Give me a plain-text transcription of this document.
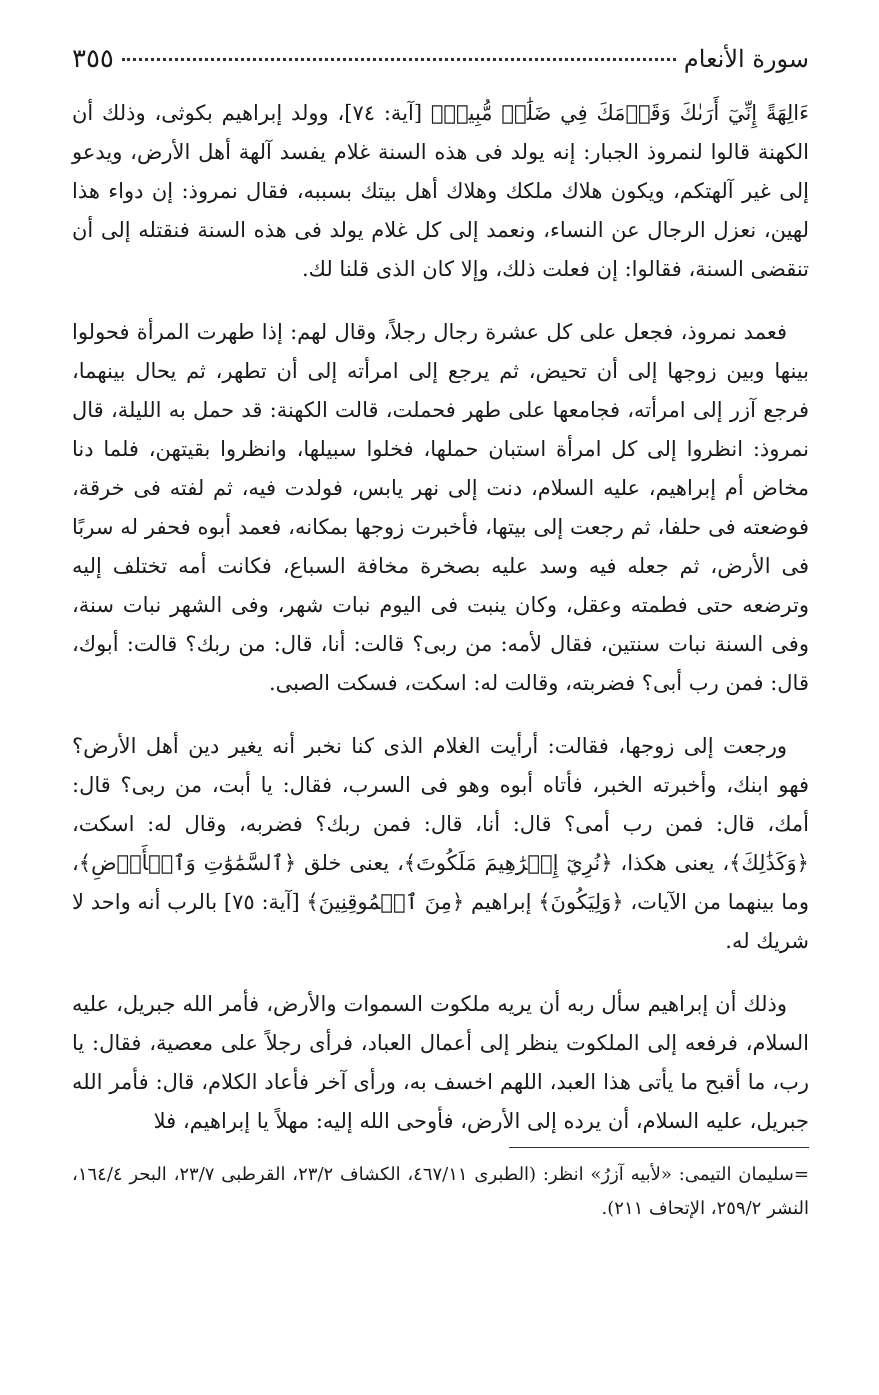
سورة الأنعام
٣٥٥

ءَالِهَةً إِنِّيٓ أَرَىٰكَ وَقَوۡمَكَ فِي ضَلَٰلٖ مُّبِينٖ﴾ [آية: ٧٤]، وولد إبراهيم بكوثى، وذلك أن الكهنة قالوا لنمروذ الجبار: إنه يولد فى هذه السنة غلام يفسد آلهة أهل الأرض، ويدعو إلى غير آلهتكم، ويكون هلاك ملكك وهلاك أهل بيتك بسببه، فقال نمروذ: إن دواء هذا لهين، نعزل الرجال عن النساء، ونعمد إلى كل غلام يولد فى هذه السنة فنقتله إلى أن تنقضى السنة، فقالوا: إن فعلت ذلك، وإلا كان الذى قلنا لك.

فعمد نمروذ، فجعل على كل عشرة رجال رجلاً، وقال لهم: إذا طهرت المرأة فحولوا بينها وبين زوجها إلى أن تحيض، ثم يرجع إلى امرأته إلى أن تطهر، ثم يحال بينهما، فرجع آزر إلى امرأته، فجامعها على طهر فحملت، قالت الكهنة: قد حمل به الليلة، قال نمروذ: انظروا إلى كل امرأة استبان حملها، فخلوا سبيلها، وانظروا بقيتهن، فلما دنا مخاض أم إبراهيم، عليه السلام، دنت إلى نهر يابس، فولدت فيه، ثم لفته فى خرقة، فوضعته فى حلفا، ثم رجعت إلى بيتها، فأخبرت زوجها بمكانه، فعمد أبوه فحفر له سربًا فى الأرض، ثم جعله فيه وسد عليه بصخرة مخافة السباع، فكانت أمه تختلف إليه وترضعه حتى فطمته وعقل، وكان ينبت فى اليوم نبات شهر، وفى الشهر نبات سنة، وفى السنة نبات سنتين، فقال لأمه: من ربى؟ قالت: أنا، قال: من ربك؟ قالت: أبوك، قال: فمن رب أبى؟ فضربته، وقالت له: اسكت، فسكت الصبى.

ورجعت إلى زوجها، فقالت: أرأيت الغلام الذى كنا نخبر أنه يغير دين أهل الأرض؟ فهو ابنك، وأخبرته الخبر، فأتاه أبوه وهو فى السرب، فقال: يا أبت، من ربى؟ قال: أمك، قال: فمن رب أمى؟ قال: أنا، قال: فمن ربك؟ فضربه، وقال له: اسكت، ﴿وَكَذَٰلِكَ﴾، يعنى هكذا، ﴿نُرِيٓ إِبۡرَٰهِيمَ مَلَكُوتَ﴾، يعنى خلق ﴿ٱلسَّمَٰوَٰتِ وَٱلۡأَرۡضِ﴾، وما بينهما من الآيات، ﴿وَلِيَكُونَ﴾ إبراهيم ﴿مِنَ ٱلۡمُوقِنِينَ﴾ [آية: ٧٥] بالرب أنه واحد لا شريك له.

وذلك أن إبراهيم سأل ربه أن يريه ملكوت السموات والأرض، فأمر الله جبريل، عليه السلام، فرفعه إلى الملكوت ينظر إلى أعمال العباد، فرأى رجلاً على معصية، فقال: يا رب، ما أقبح ما يأتى هذا العبد، اللهم اخسف به، ورأى آخر فأعاد الكلام، قال: فأمر الله جبريل، عليه السلام، أن يرده إلى الأرض، فأوحى الله إليه: مهلاً يا إبراهيم، فلا

=سليمان التيمى: «لأبيه آزرُ» انظر: (الطبرى ٤٦٧/١١، الكشاف ٢٣/٢، القرطبى ٢٣/٧، البحر ١٦٤/٤، النشر ٢٥٩/٢، الإتحاف ٢١١).
